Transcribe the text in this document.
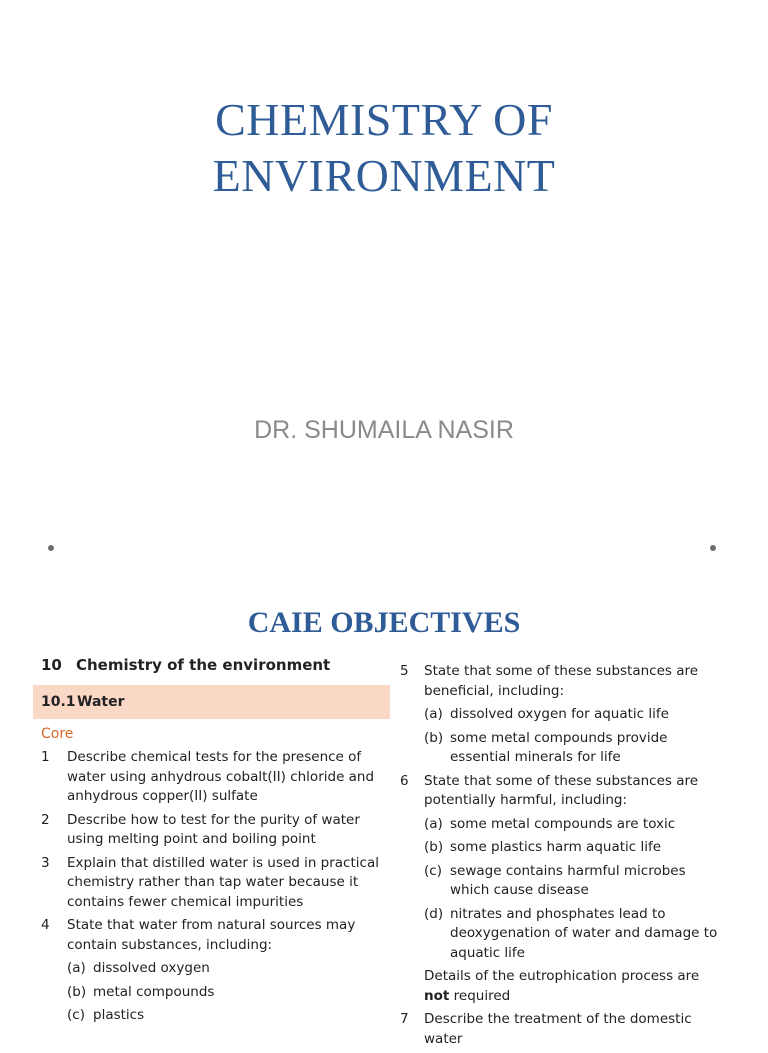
CHEMISTRY OF
ENVIRONMENT
DR. SHUMAILA NASIR
CAIE OBJECTIVES
10 Chemistry of the environment
10.1Water
Core
1 Describe chemical tests for the presence of water using anhydrous cobalt(II) chloride and anhydrous copper(II) sulfate
2 Describe how to test for the purity of water using melting point and boiling point
3 Explain that distilled water is used in practical chemistry rather than tap water because it contains fewer chemical impurities
4 State that water from natural sources may contain substances, including:
(a) dissolved oxygen
(b) metal compounds
(c) plastics
5 State that some of these substances are beneficial, including:
(a) dissolved oxygen for aquatic life
(b) some metal compounds provide essential minerals for life
6 State that some of these substances are potentially harmful, including:
(a) some metal compounds are toxic
(b) some plastics harm aquatic life
(c) sewage contains harmful microbes which cause disease
(d) nitrates and phosphates lead to deoxygenation of water and damage to aquatic life
Details of the eutrophication process are not required
7 Describe the treatment of the domestic water
